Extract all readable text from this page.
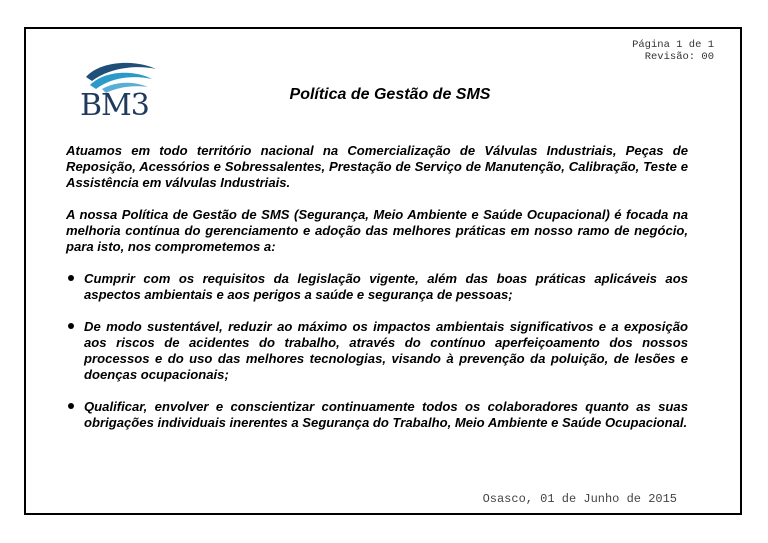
Página 1 de 1
Revisão: 00
BM3	Política de Gestão de SMS

Atuamos em todo território nacional na Comercialização de Válvulas Industriais, Peças de Reposição, Acessórios e Sobressalentes, Prestação de Serviço de Manutenção, Calibração, Teste e Assistência em válvulas Industriais.

A nossa Política de Gestão de SMS (Segurança, Meio Ambiente e Saúde Ocupacional) é focada na melhoria contínua do gerenciamento e adoção das melhores práticas em nosso ramo de negócio, para isto, nos comprometemos a:

Cumprir com os requisitos da legislação vigente, além das boas práticas aplicáveis aos aspectos ambientais e aos perigos a saúde e segurança de pessoas;
De modo sustentável, reduzir ao máximo os impactos ambientais significativos e a exposição aos riscos de acidentes do trabalho, através do contínuo aperfeiçoamento dos nossos processos e do uso das melhores tecnologias, visando à prevenção da poluição, de lesões e doenças ocupacionais;
Qualificar, envolver e conscientizar continuamente todos os colaboradores quanto as suas obrigações individuais inerentes a Segurança do Trabalho, Meio Ambiente e Saúde Ocupacional.
Osasco, 01 de Junho de 2015
